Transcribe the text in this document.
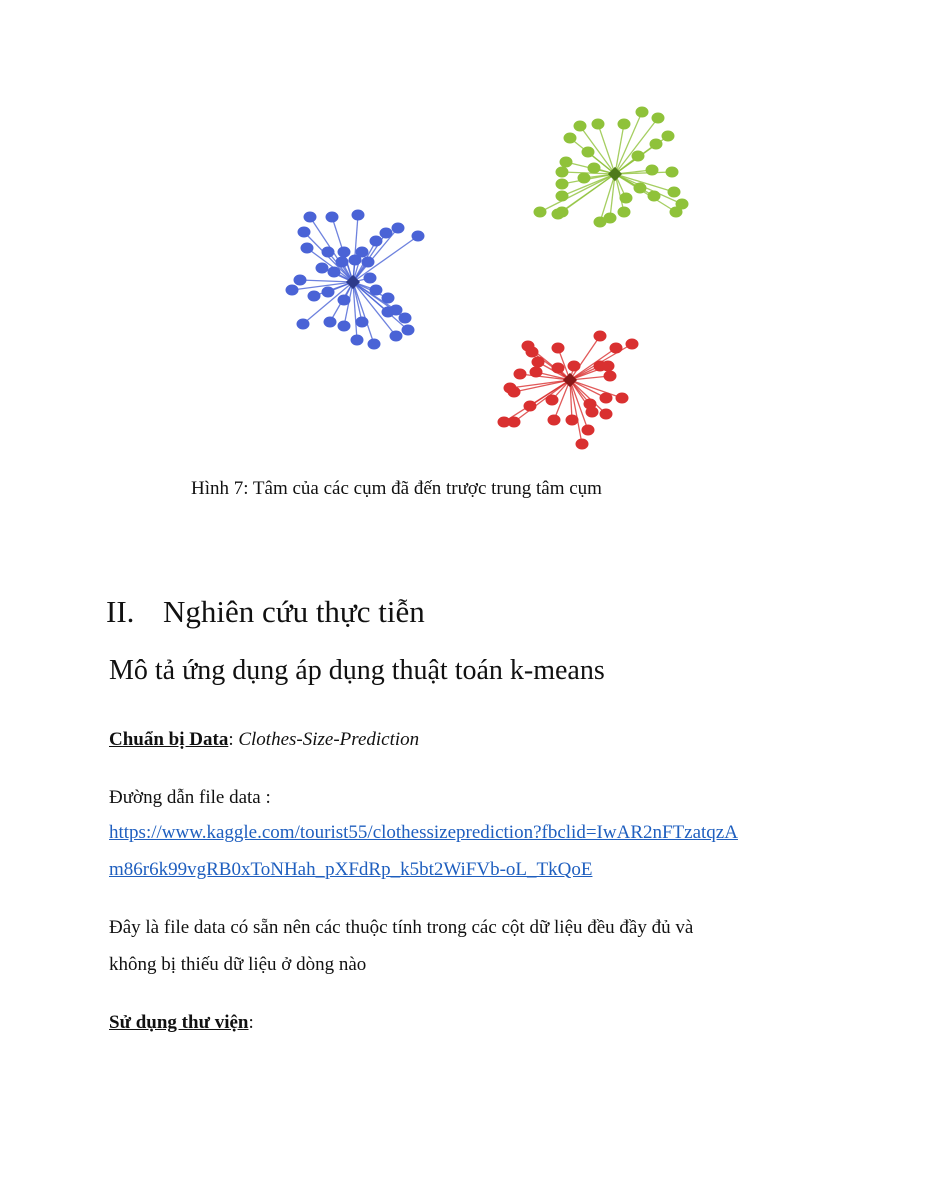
Hình 7: Tâm của các cụm đã đến trược trung tâm cụm
II. Nghiên cứu thực tiễn
Mô tả ứng dụng áp dụng thuật toán k-means
Chuẩn bị Data: Clothes-Size-Prediction
Đường dẫn file data :
https://www.kaggle.com/tourist55/clothessizeprediction?fbclid=IwAR2nFTzatqzA
m86r6k99vgRB0xToNHah_pXFdRp_k5bt2WiFVb-oL_TkQoE
Đây là file data có sẵn nên các thuộc tính trong các cột dữ liệu đều đầy đủ và
không bị thiếu dữ liệu ở dòng nào
Sử dụng thư viện:
